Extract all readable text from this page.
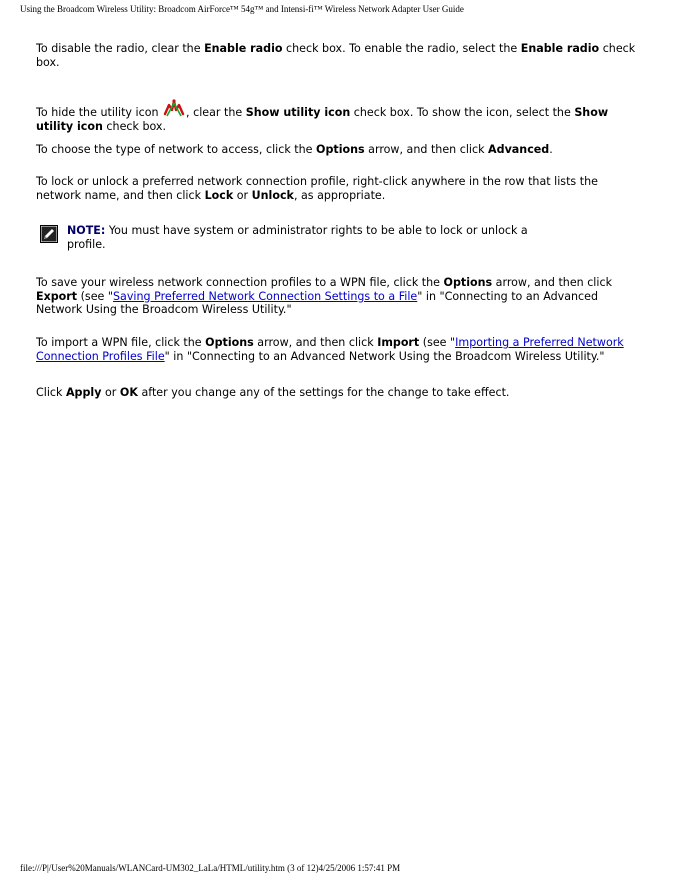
Using the Broadcom Wireless Utility: Broadcom AirForce™ 54g™ and Intensi-fi™ Wireless Network Adapter User Guide

To disable the radio, clear the Enable radio check box. To enable the radio, select the Enable radio check box.

To hide the utility icon , clear the Show utility icon check box. To show the icon, select the Show utility icon check box.

To choose the type of network to access, click the Options arrow, and then click Advanced.

To lock or unlock a preferred network connection profile, right-click anywhere in the row that lists the network name, and then click Lock or Unlock, as appropriate.

NOTE: You must have system or administrator rights to be able to lock or unlock a profile.

To save your wireless network connection profiles to a WPN file, click the Options arrow, and then click Export (see "Saving Preferred Network Connection Settings to a File" in "Connecting to an Advanced Network Using the Broadcom Wireless Utility."

To import a WPN file, click the Options arrow, and then click Import (see "Importing a Preferred Network Connection Profiles File" in "Connecting to an Advanced Network Using the Broadcom Wireless Utility."

Click Apply or OK after you change any of the settings for the change to take effect.

file:///P|/User%20Manuals/WLANCard-UM302_LaLa/HTML/utility.htm (3 of 12)4/25/2006 1:57:41 PM
